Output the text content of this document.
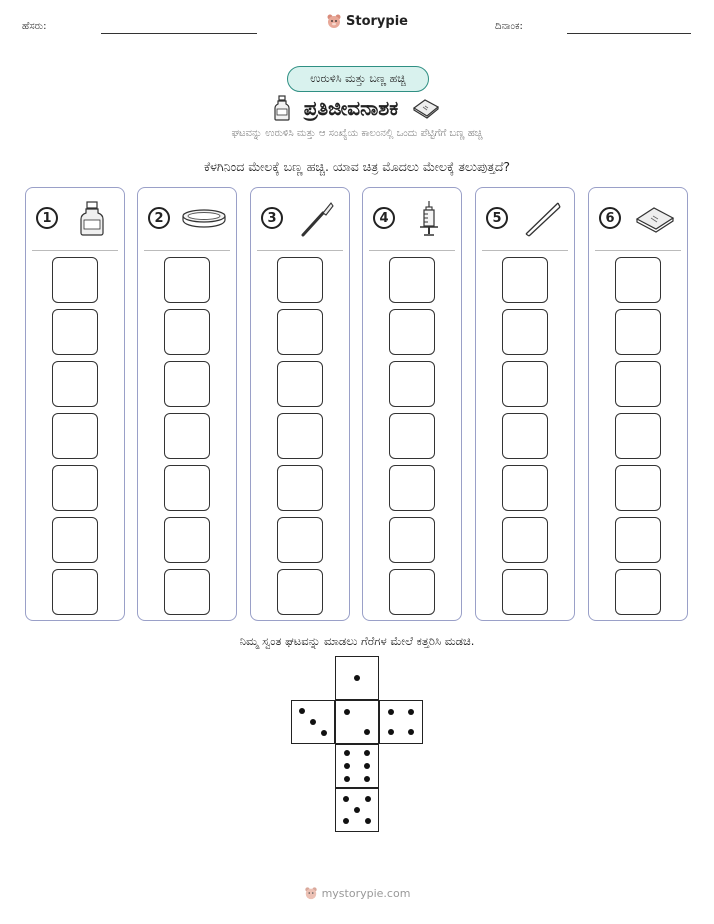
ಹೆಸರು:	Storypie	ದಿನಾಂಕ:
ಉರುಳಿಸಿ ಮತ್ತು ಬಣ್ಣ ಹಚ್ಚಿ
ಪ್ರತಿಜೀವನಾಶಕ
ಘಟವನ್ನು ಉರುಳಿಸಿ ಮತ್ತು ಆ ಸಂಖ್ಯೆಯ ಕಾಲಂನಲ್ಲಿ ಒಂದು ಪೆಟ್ಟಿಗೆಗೆ ಬಣ್ಣ ಹಚ್ಚಿ
ಕೆಳಗಿನಿಂದ ಮೇಲಕ್ಕೆ ಬಣ್ಣ ಹಚ್ಚಿ. ಯಾವ ಚಿತ್ರ ಮೊದಲು ಮೇಲಕ್ಕೆ ತಲುಪುತ್ತದೆ?
1	2	3	4	5	6
ನಿಮ್ಮ ಸ್ವಂತ ಘಟವನ್ನು ಮಾಡಲು ಗೆರೆಗಳ ಮೇಲೆ ಕತ್ತರಿಸಿ ಮಡಚಿ.
mystorypie.com
